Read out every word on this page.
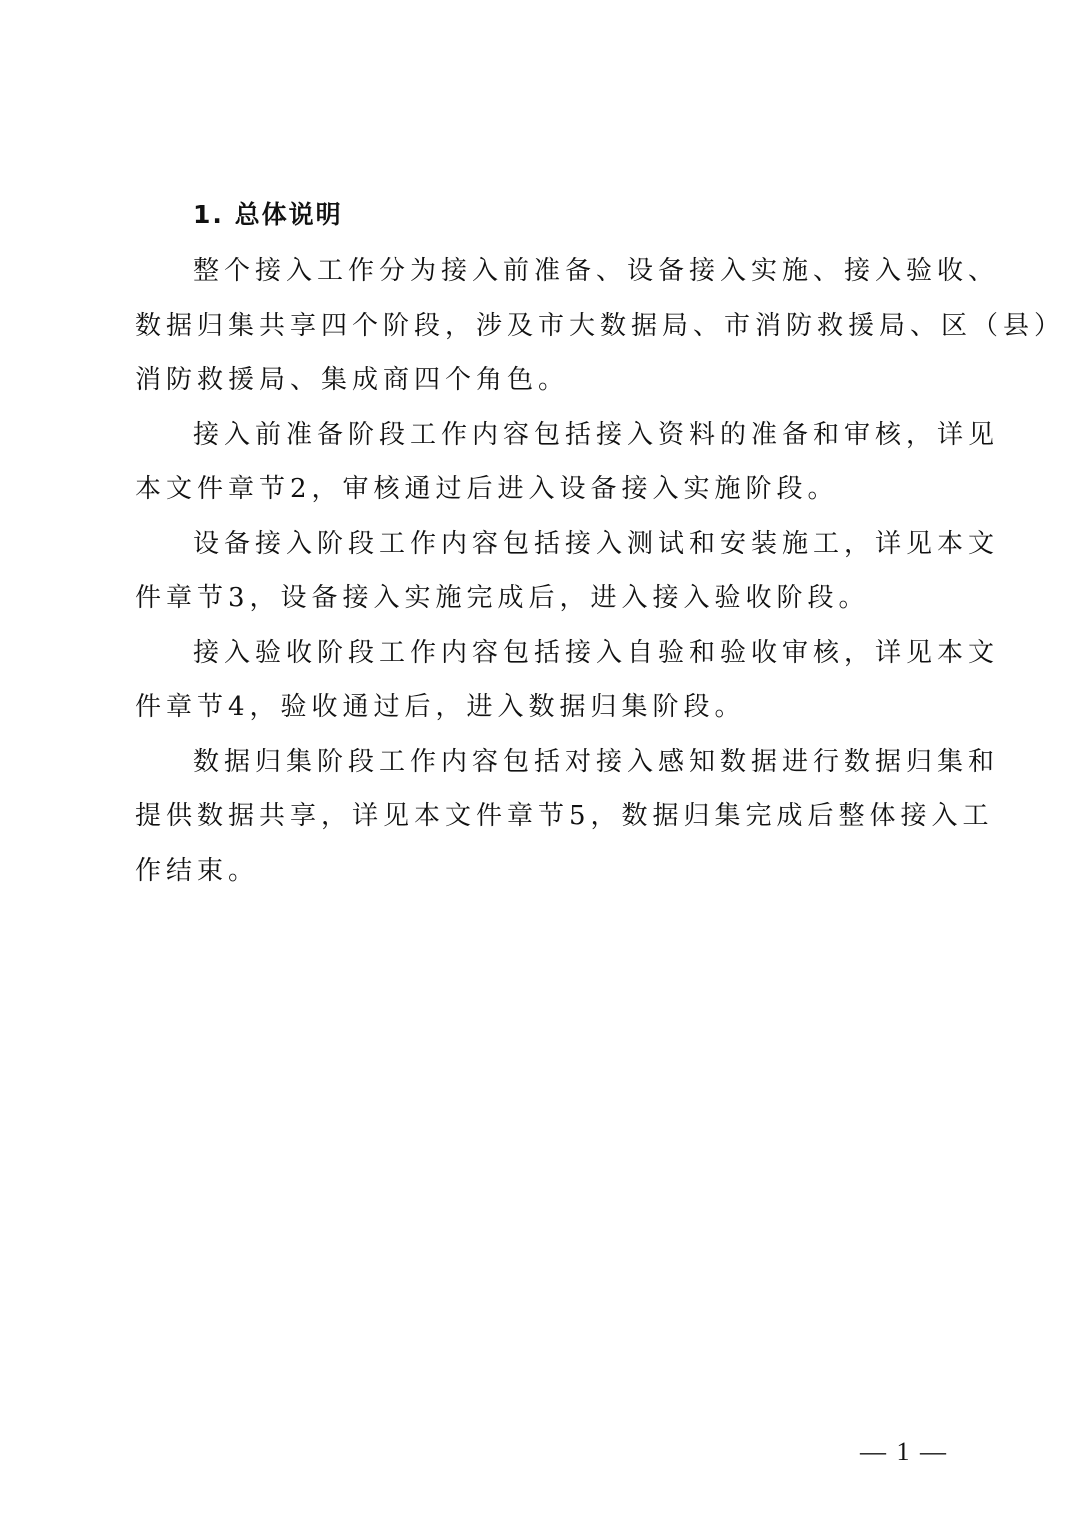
1. 总体说明

整个接入工作分为接入前准备、设备接入实施、接入验收、
数据归集共享四个阶段，涉及市大数据局、市消防救援局、区（县）
消防救援局、集成商四个角色。

接入前准备阶段工作内容包括接入资料的准备和审核，详见
本文件章节2，审核通过后进入设备接入实施阶段。

设备接入阶段工作内容包括接入测试和安装施工，详见本文
件章节3，设备接入实施完成后，进入接入验收阶段。

接入验收阶段工作内容包括接入自验和验收审核，详见本文
件章节4，验收通过后，进入数据归集阶段。

数据归集阶段工作内容包括对接入感知数据进行数据归集和
提供数据共享，详见本文件章节5，数据归集完成后整体接入工
作结束。

— 1 —
